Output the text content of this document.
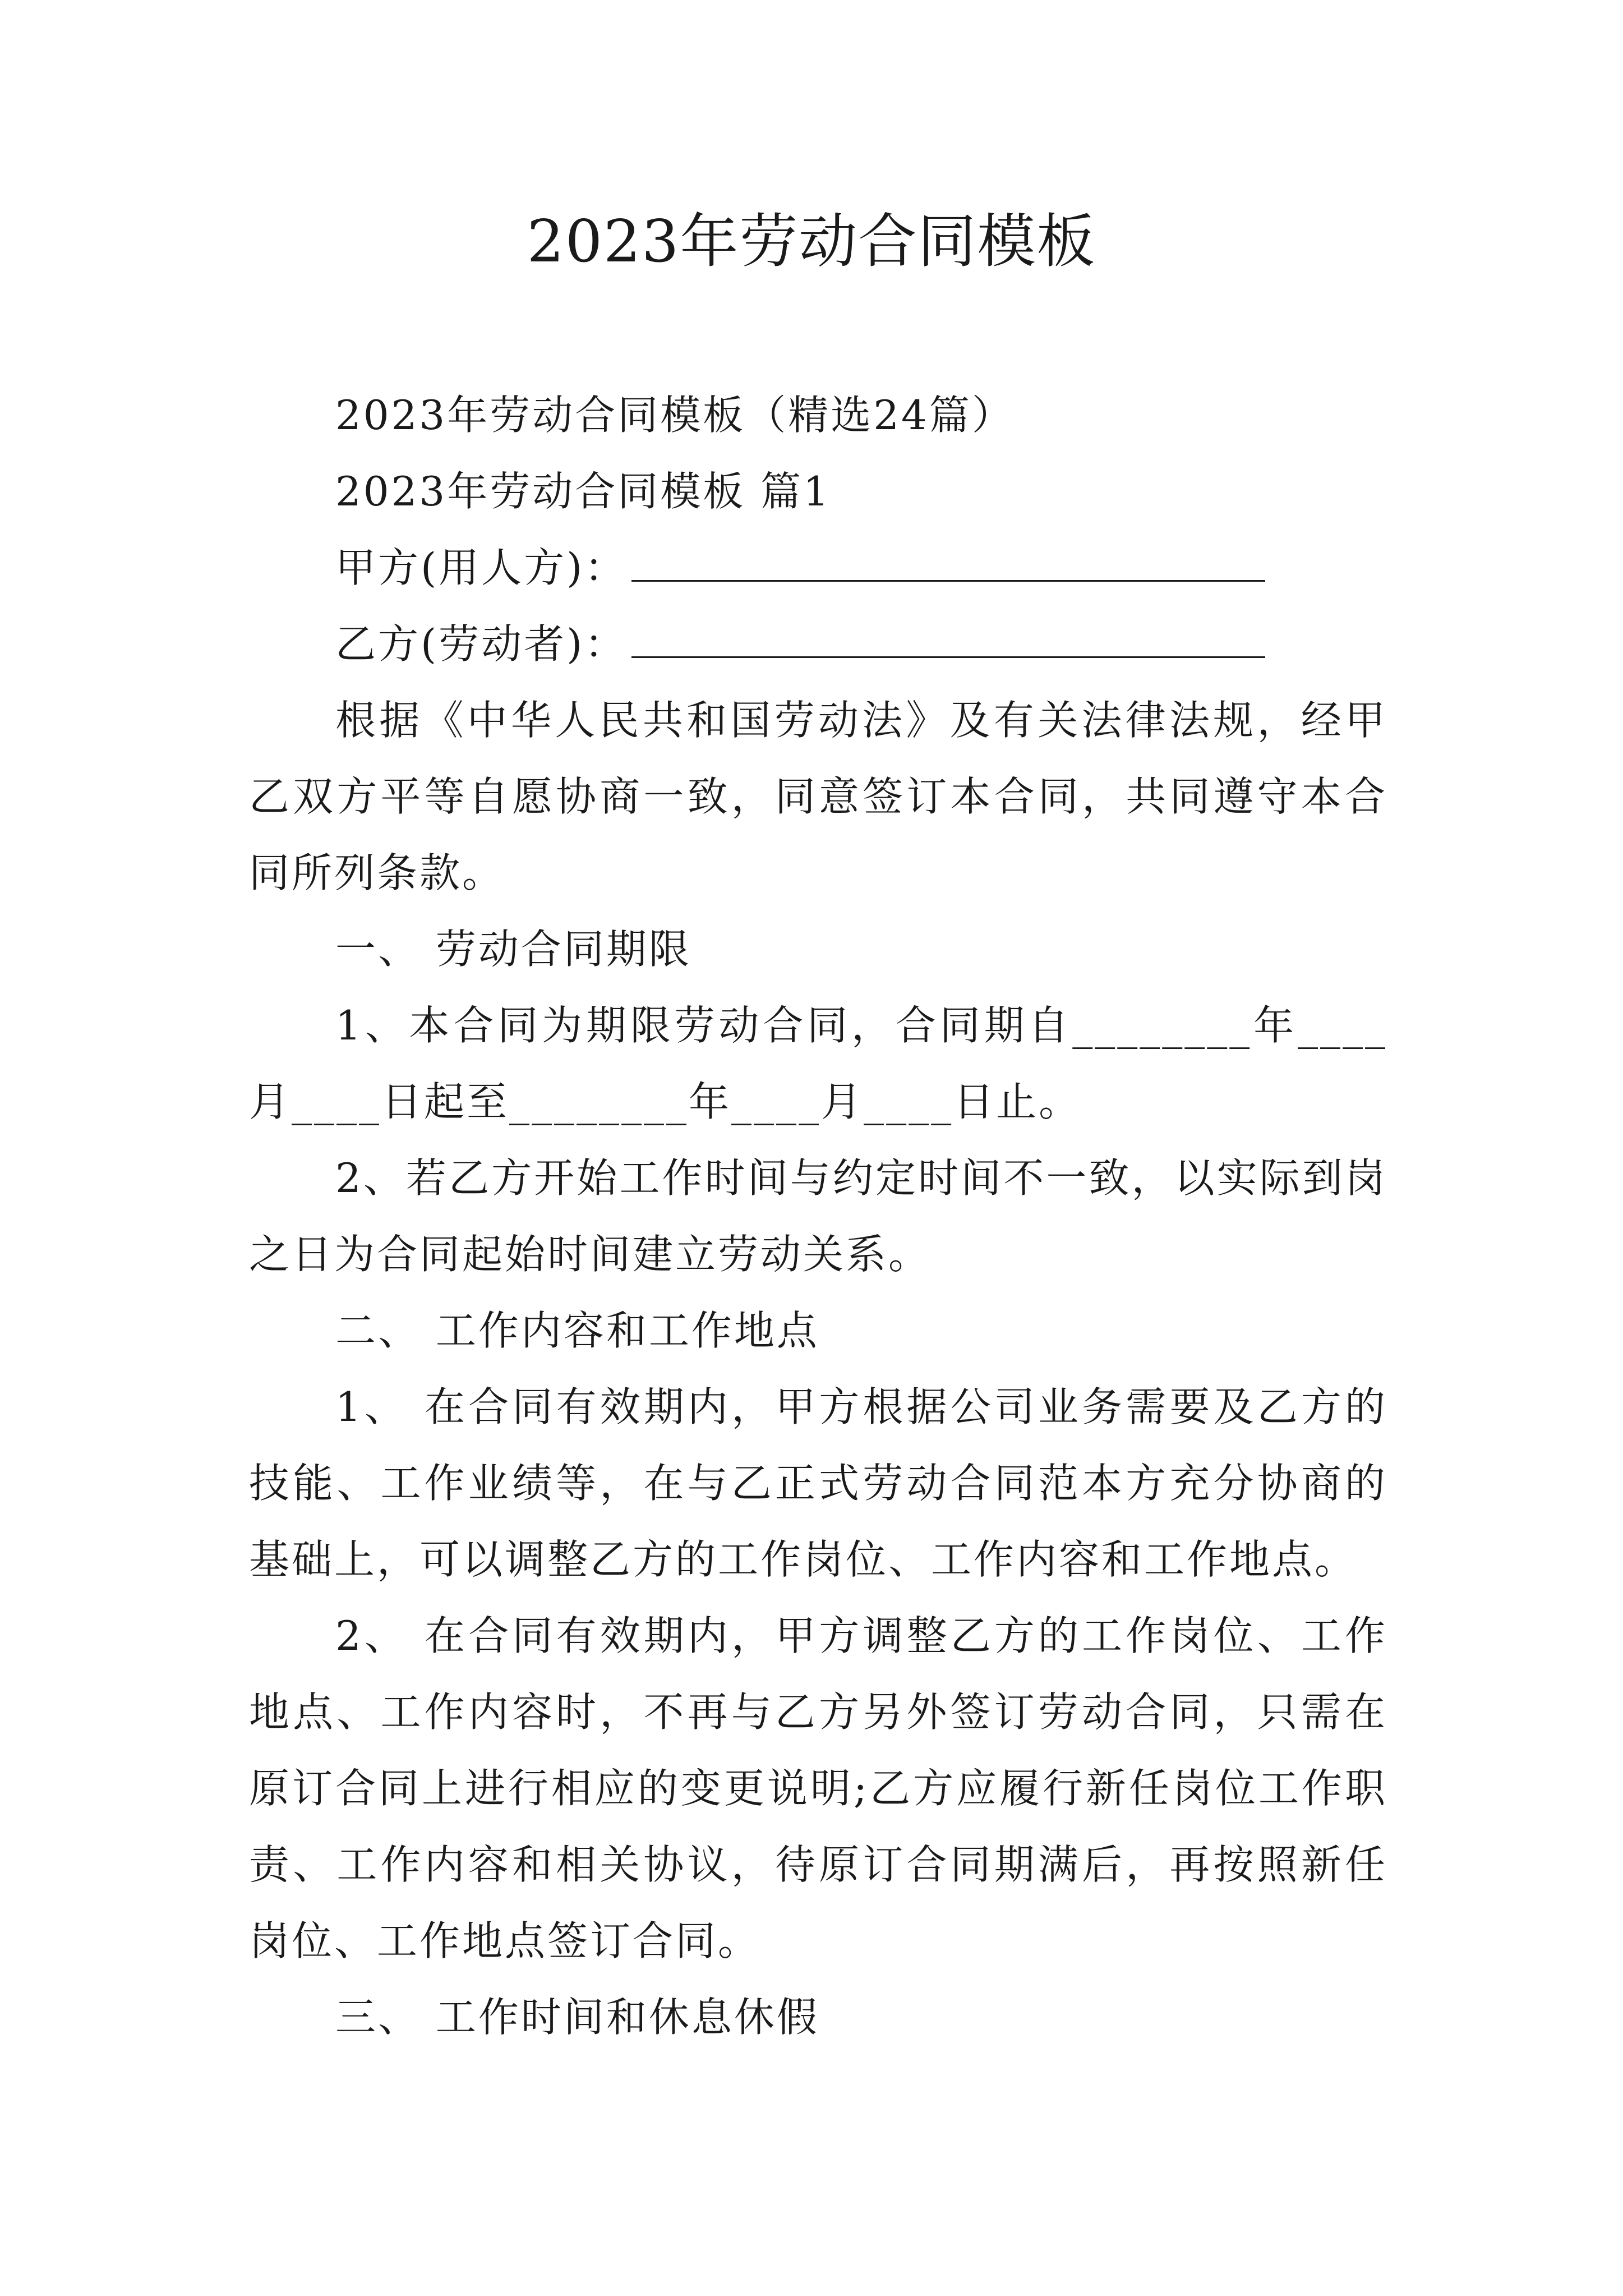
2023年劳动合同模板

2023年劳动合同模板（精选24篇）

2023年劳动合同模板 篇1

甲方(用人方)：

乙方(劳动者)：

根据《中华人民共和国劳动法》及有关法律法规，经甲乙双方平等自愿协商一致，同意签订本合同，共同遵守本合同所列条款。

一、 劳动合同期限

1、本合同为期限劳动合同，合同期自________年____月____日起至________年____月____日止。

2、若乙方开始工作时间与约定时间不一致，以实际到岗之日为合同起始时间建立劳动关系。

二、 工作内容和工作地点

1、 在合同有效期内，甲方根据公司业务需要及乙方的技能、工作业绩等，在与乙正式劳动合同范本方充分协商的基础上，可以调整乙方的工作岗位、工作内容和工作地点。

2、 在合同有效期内，甲方调整乙方的工作岗位、工作地点、工作内容时，不再与乙方另外签订劳动合同，只需在原订合同上进行相应的变更说明;乙方应履行新任岗位工作职责、工作内容和相关协议，待原订合同期满后，再按照新任岗位、工作地点签订合同。

三、 工作时间和休息休假
